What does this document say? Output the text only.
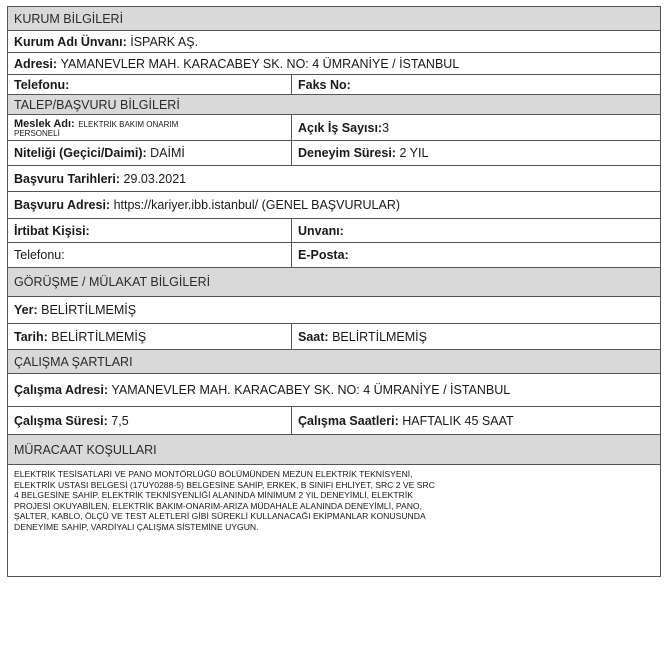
KURUM BİLGİLERİ
Kurum Adı Ünvanı:
İSPARK AŞ.
Adresi:
YAMANEVLER MAH. KARACABEY SK. NO: 4 ÜMRANİYE / İSTANBUL
Telefonu:
	Faks No:

TALEP/BAŞVURU BİLGİLERİ
Meslek Adı: ELEKTRİK BAKIM ONARIM
PERSONELİ	Açık İş Sayısı: 3
Niteliği (Geçici/Daimi):
DAİMİ	Deneyim Süresi:
2 YIL
Başvuru Tarihleri:
29.03.2021
Başvuru Adresi:
https://kariyer.ibb.istanbul/ (GENEL BAŞVURULAR)
İrtibat Kişisi:
	Unvanı:

Telefonu:
	E-Posta:

GÖRÜŞME / MÜLAKAT BİLGİLERİ
Yer:
BELİRTİLMEMİŞ
Tarih:
BELİRTİLMEMİŞ	Saat:
BELİRTİLMEMİŞ
ÇALIŞMA ŞARTLARI
Çalışma Adresi:
YAMANEVLER MAH. KARACABEY SK. NO: 4 ÜMRANİYE / İSTANBUL
Çalışma Süresi:
7,5	Çalışma Saatleri:
HAFTALIK 45 SAAT
MÜRACAAT KOŞULLARI
ELEKTRİK TESİSATLARI VE PANO MONTÖRLÜĞÜ BÖLÜMÜNDEN MEZUN ELEKTRİK TEKNİSYENİ,
ELEKTRİK USTASI BELGESİ (17UY0288-5) BELGESİNE SAHİP, ERKEK, B SINIFI EHLİYET, SRC 2 VE SRC
4 BELGESİNE SAHİP. ELEKTRİK TEKNİSYENLİĞİ ALANINDA MİNİMUM 2 YIL DENEYİMLİ, ELEKTRİK
PROJESİ OKUYABİLEN, ELEKTRİK BAKIM-ONARIM-ARIZA MÜDAHALE ALANINDA DENEYİMLİ, PANO,
ŞALTER, KABLO, ÖLÇÜ VE TEST ALETLERİ GİBİ SÜREKLİ KULLANACAĞI EKİPMANLAR KONUSUNDA
DENEYİME SAHİP, VARDİYALI ÇALIŞMA SİSTEMİNE UYGUN.
